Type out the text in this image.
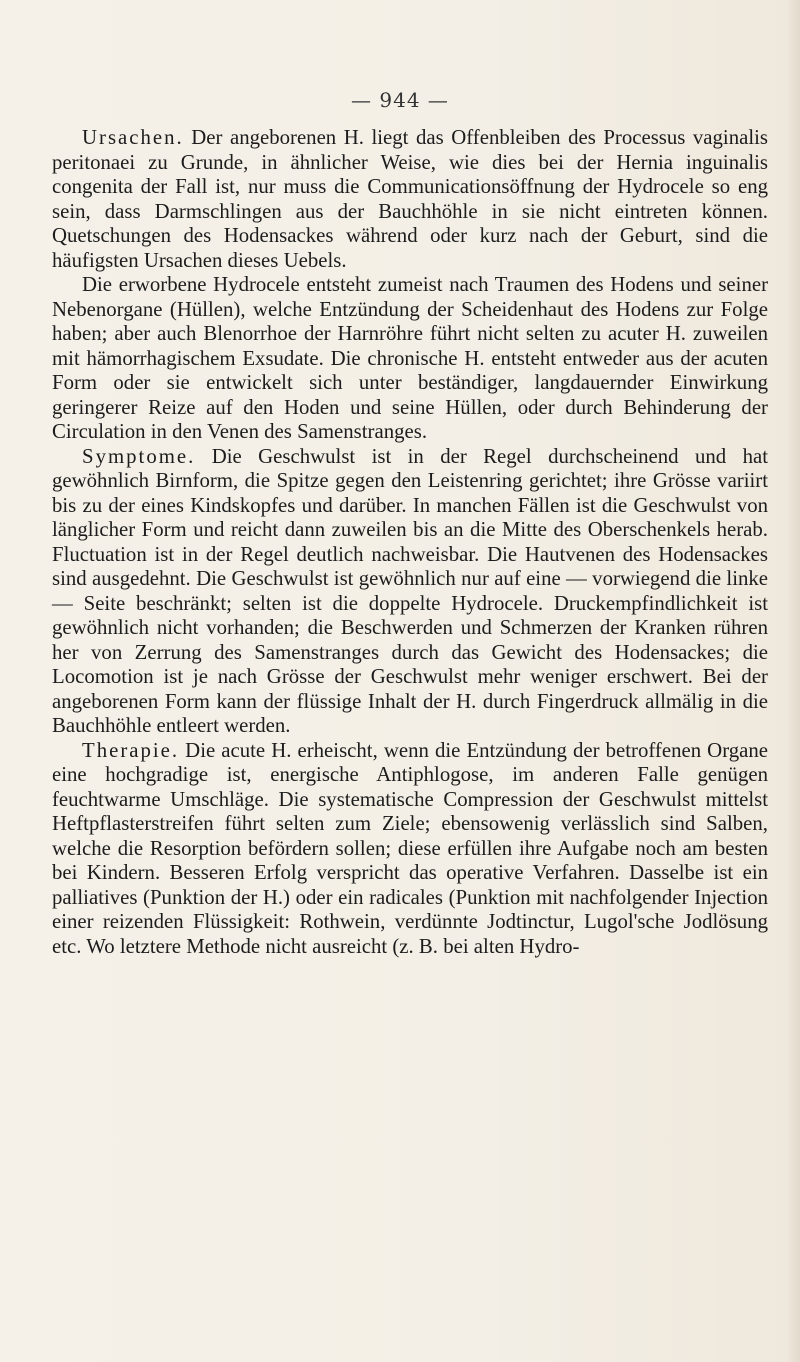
— 944 —

Ursachen. Der angeborenen H. liegt das Offenbleiben des Processus vaginalis peritonaei zu Grunde, in ähnlicher Weise, wie dies bei der Hernia inguinalis congenita der Fall ist, nur muss die Communicationsöffnung der Hydrocele so eng sein, dass Darmschlingen aus der Bauchhöhle in sie nicht eintreten können. Quetschungen des Hodensackes während oder kurz nach der Geburt, sind die häufigsten Ursachen dieses Uebels.

Die erworbene Hydrocele entsteht zumeist nach Traumen des Hodens und seiner Nebenorgane (Hüllen), welche Entzündung der Scheidenhaut des Hodens zur Folge haben; aber auch Blenorrhoe der Harnröhre führt nicht selten zu acuter H. zuweilen mit hämorrhagischem Exsudate. Die chronische H. entsteht entweder aus der acuten Form oder sie entwickelt sich unter beständiger, langdauernder Einwirkung geringerer Reize auf den Hoden und seine Hüllen, oder durch Behinderung der Circulation in den Venen des Samenstranges.

Symptome. Die Geschwulst ist in der Regel durchscheinend und hat gewöhnlich Birnform, die Spitze gegen den Leistenring gerichtet; ihre Grösse variirt bis zu der eines Kindskopfes und darüber. In manchen Fällen ist die Geschwulst von länglicher Form und reicht dann zuweilen bis an die Mitte des Oberschenkels herab. Fluctuation ist in der Regel deutlich nachweisbar. Die Hautvenen des Hodensackes sind ausgedehnt. Die Geschwulst ist gewöhnlich nur auf eine — vorwiegend die linke — Seite beschränkt; selten ist die doppelte Hydrocele. Druckempfindlichkeit ist gewöhnlich nicht vorhanden; die Beschwerden und Schmerzen der Kranken rühren her von Zerrung des Samenstranges durch das Gewicht des Hodensackes; die Locomotion ist je nach Grösse der Geschwulst mehr weniger erschwert. Bei der angeborenen Form kann der flüssige Inhalt der H. durch Fingerdruck allmälig in die Bauchhöhle entleert werden.

Therapie. Die acute H. erheischt, wenn die Entzündung der betroffenen Organe eine hochgradige ist, energische Antiphlogose, im anderen Falle genügen feuchtwarme Umschläge. Die systematische Compression der Geschwulst mittelst Heftpflasterstreifen führt selten zum Ziele; ebensowenig verlässlich sind Salben, welche die Resorption befördern sollen; diese erfüllen ihre Aufgabe noch am besten bei Kindern. Besseren Erfolg verspricht das operative Verfahren. Dasselbe ist ein palliatives (Punktion der H.) oder ein radicales (Punktion mit nachfolgender Injection einer reizenden Flüssigkeit: Rothwein, verdünnte Jodtinctur, Lugol'sche Jodlösung etc. Wo letztere Methode nicht ausreicht (z. B. bei alten Hydro-
